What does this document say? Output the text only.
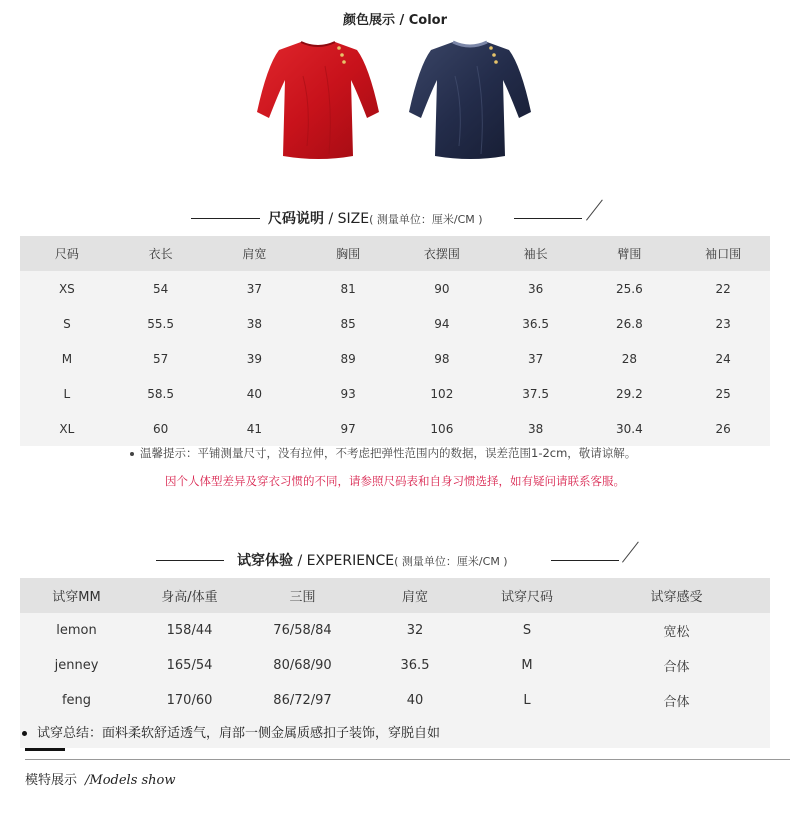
颜色展示 / Color
尺码说明 / SIZE( 测量单位：厘米/CM )
尺码	衣长	肩宽	胸围	衣摆围	袖长	臂围	袖口围
XS	54	37	81	90	36	25.6	22
S	55.5	38	85	94	36.5	26.8	23
M	57	39	89	98	37	28	24
L	58.5	40	93	102	37.5	29.2	25
XL	60	41	97	106	38	30.4	26
温馨提示：平铺测量尺寸，没有拉伸，不考虑把弹性范围内的数据，误差范围1-2cm，敬请谅解。
因个人体型差异及穿衣习惯的不同，请参照尺码表和自身习惯选择，如有疑问请联系客服。
试穿体验 / EXPERIENCE( 测量单位：厘米/CM )
试穿MM	身高/体重	三围	肩宽	试穿尺码	试穿感受
lemon	158/44	76/58/84	32	S	宽松
jenney	165/54	80/68/90	36.5	M	合体
feng	170/60	86/72/97	40	L	合体
试穿总结：面料柔软舒适透气，肩部一侧金属质感扣子装饰，穿脱自如
模特展示 /Models show
